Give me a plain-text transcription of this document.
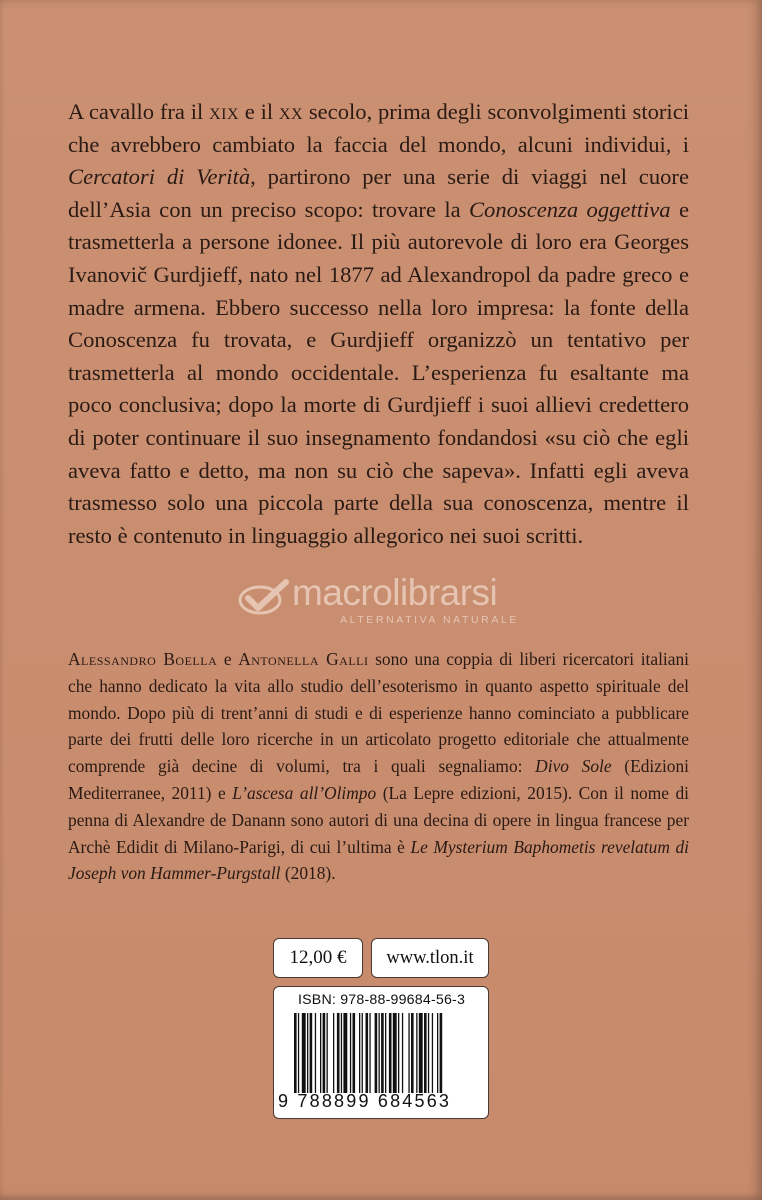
A cavallo fra il xix e il xx secolo, prima degli sconvolgimenti storici che avrebbero cambiato la faccia del mondo, alcuni individui, i Cercatori di Verità, partirono per una serie di viaggi nel cuore dell’Asia con un preciso scopo: trovare la Conoscenza oggettiva e trasmetterla a persone idonee. Il più autorevole di loro era Georges Ivanovič Gurdjieff, nato nel 1877 ad Alexandropol da padre greco e madre armena. Ebbero successo nella loro impresa: la fonte della Conoscenza fu trovata, e Gurdjieff organizzò un tentativo per trasmetterla al mondo occidentale. L’esperienza fu esaltante ma poco conclusiva; dopo la morte di Gurdjieff i suoi allievi credettero di poter continuare il suo insegnamento fondandosi «su ciò che egli aveva fatto e detto, ma non su ciò che sapeva». Infatti egli aveva trasmesso solo una piccola parte della sua conoscenza, mentre il resto è contenuto in linguaggio allegorico nei suoi scritti.

macrolibrarsi
ALTERNATIVA NATURALE

Alessandro Boella e Antonella Galli sono una coppia di liberi ricercatori italiani che hanno dedicato la vita allo studio dell’esoterismo in quanto aspetto spirituale del mondo. Dopo più di trent’anni di studi e di esperienze hanno cominciato a pubblicare parte dei frutti delle loro ricerche in un articolato progetto editoriale che attualmente comprende già decine di volumi, tra i quali segnaliamo: Divo Sole (Edizioni Mediterranee, 2011) e L’ascesa all’Olimpo (La Lepre edizioni, 2015). Con il nome di penna di Alexandre de Danann sono autori di una decina di opere in lingua francese per Archè Edidit di Milano-Parigi, di cui l’ultima è Le Mysterium Baphometis revelatum di Joseph von Hammer-Purgstall (2018).

12,00 €	www.tlon.it
ISBN: 978-88-99684-56-3
9 788899 684563
